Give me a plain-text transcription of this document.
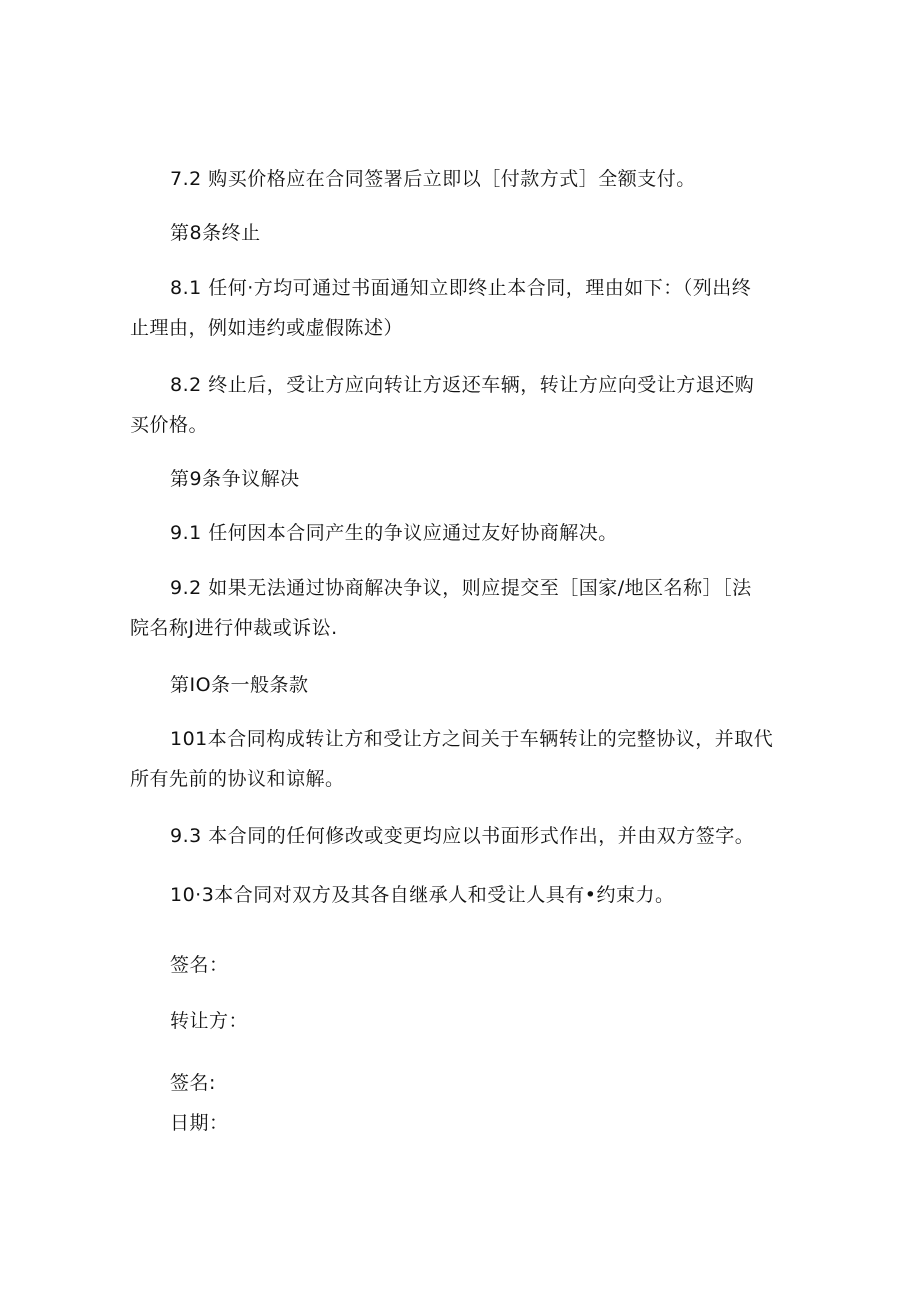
7.2 购买价格应在合同签署后立即以［付款方式］全额支付。
第8条终止
8.1 任何·方均可通过书面通知立即终止本合同，理由如下：（列出终
止理由，例如违约或虚假陈述）
8.2 终止后，受让方应向转让方返还车辆，转让方应向受让方退还购
买价格。
第9条争议解决
9.1 任何因本合同产生的争议应通过友好协商解决。
9.2 如果无法通过协商解决争议，则应提交至［国家/地区名称］［法
院名称J进行仲裁或诉讼.
第IO条一般条款
101本合同构成转让方和受让方之间关于车辆转让的完整协议，并取代
所有先前的协议和谅解。
9.3 本合同的任何修改或变更均应以书面形式作出，并由双方签字。
10·3本合同对双方及其各自继承人和受让人具有•约束力。
签名：
转让方：
签名:
日期：
